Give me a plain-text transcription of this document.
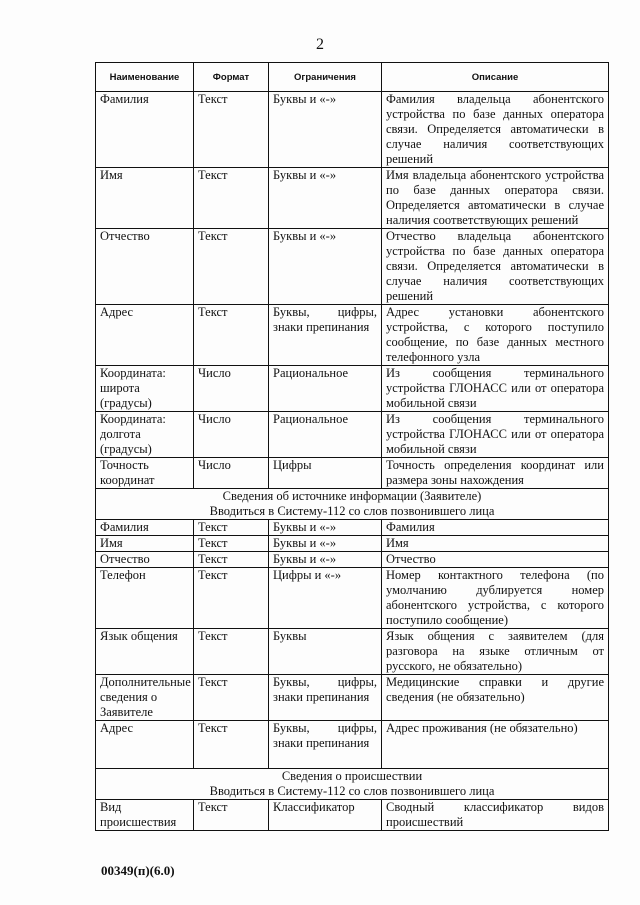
2
Наименование	Формат	Ограничения	Описание
Фамилия	Текст	Буквы и «-»	Фамилия владельца абонентского устройства по базе данных оператора связи. Определяется автоматически в случае наличия соответствующих решений
Имя	Текст	Буквы и «-»	Имя владельца абонентского устройства по базе данных оператора связи. Определяется автоматически в случае наличия соответствующих решений
Отчество	Текст	Буквы и «-»	Отчество владельца абонентского устройства по базе данных оператора связи. Определяется автоматически в случае наличия соответствующих решений
Адрес	Текст	Буквы, цифры, знаки препинания	Адрес установки абонентского устройства, с которого поступило сообщение, по базе данных местного телефонного узла
Координата: широта (градусы)	Число	Рациональное	Из сообщения терминального устройства ГЛОНАСС или от оператора мобильной связи
Координата: долгота (градусы)	Число	Рациональное	Из сообщения терминального устройства ГЛОНАСС или от оператора мобильной связи
Точность координат	Число	Цифры	Точность определения координат или размера зоны нахождения

Сведения об источнике информации (Заявителе)
Вводиться в Систему-112 со слов позвонившего лица			

Фамилия	Текст	Буквы и «-»	Фамилия
Имя	Текст	Буквы и «-»	Имя
Отчество	Текст	Буквы и «-»	Отчество
Телефон	Текст	Цифры и «-»	Номер контактного телефона (по умолчанию дублируется номер абонентского устройства, с которого поступило сообщение)
Язык общения	Текст	Буквы	Язык общения с заявителем (для разговора на языке отличным от русского, не обязательно)
Дополнительные сведения о Заявителе	Текст	Буквы, цифры, знаки препинания	Медицинские справки и другие сведения (не обязательно)
Адрес	Текст	Буквы, цифры, знаки препинания	Адрес проживания (не обязательно)

Сведения о происшествии
Вводиться в Систему-112 со слов позвонившего лица			

Вид происшествия	Текст	Классификатор	Сводный классификатор видов происшествий
00349(п)(6.0)
